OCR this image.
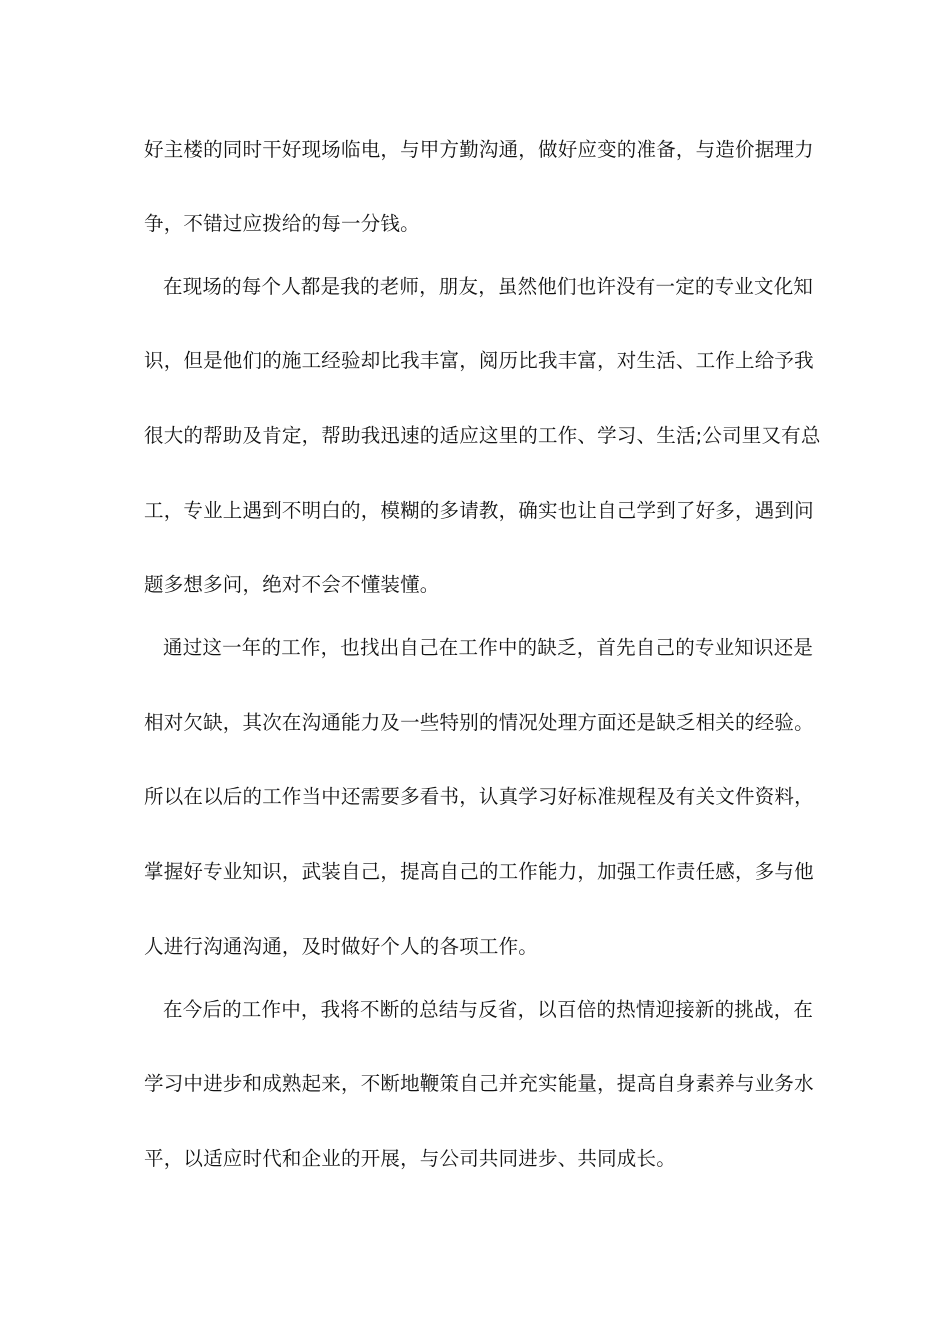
好主楼的同时干好现场临电，与甲方勤沟通，做好应变的准备，与造价据理力
争，不错过应拨给的每一分钱。
在现场的每个人都是我的老师，朋友，虽然他们也许没有一定的专业文化知
识，但是他们的施工经验却比我丰富，阅历比我丰富，对生活、工作上给予我
很大的帮助及肯定，帮助我迅速的适应这里的工作、学习、生活;公司里又有总
工，专业上遇到不明白的，模糊的多请教，确实也让自己学到了好多，遇到问
题多想多问，绝对不会不懂装懂。
通过这一年的工作，也找出自己在工作中的缺乏，首先自己的专业知识还是
相对欠缺，其次在沟通能力及一些特别的情况处理方面还是缺乏相关的经验。
所以在以后的工作当中还需要多看书，认真学习好标准规程及有关文件资料，
掌握好专业知识，武装自己，提高自己的工作能力，加强工作责任感，多与他
人进行沟通沟通，及时做好个人的各项工作。
在今后的工作中，我将不断的总结与反省，以百倍的热情迎接新的挑战，在
学习中进步和成熟起来，不断地鞭策自己并充实能量，提高自身素养与业务水
平，以适应时代和企业的开展，与公司共同进步、共同成长。
